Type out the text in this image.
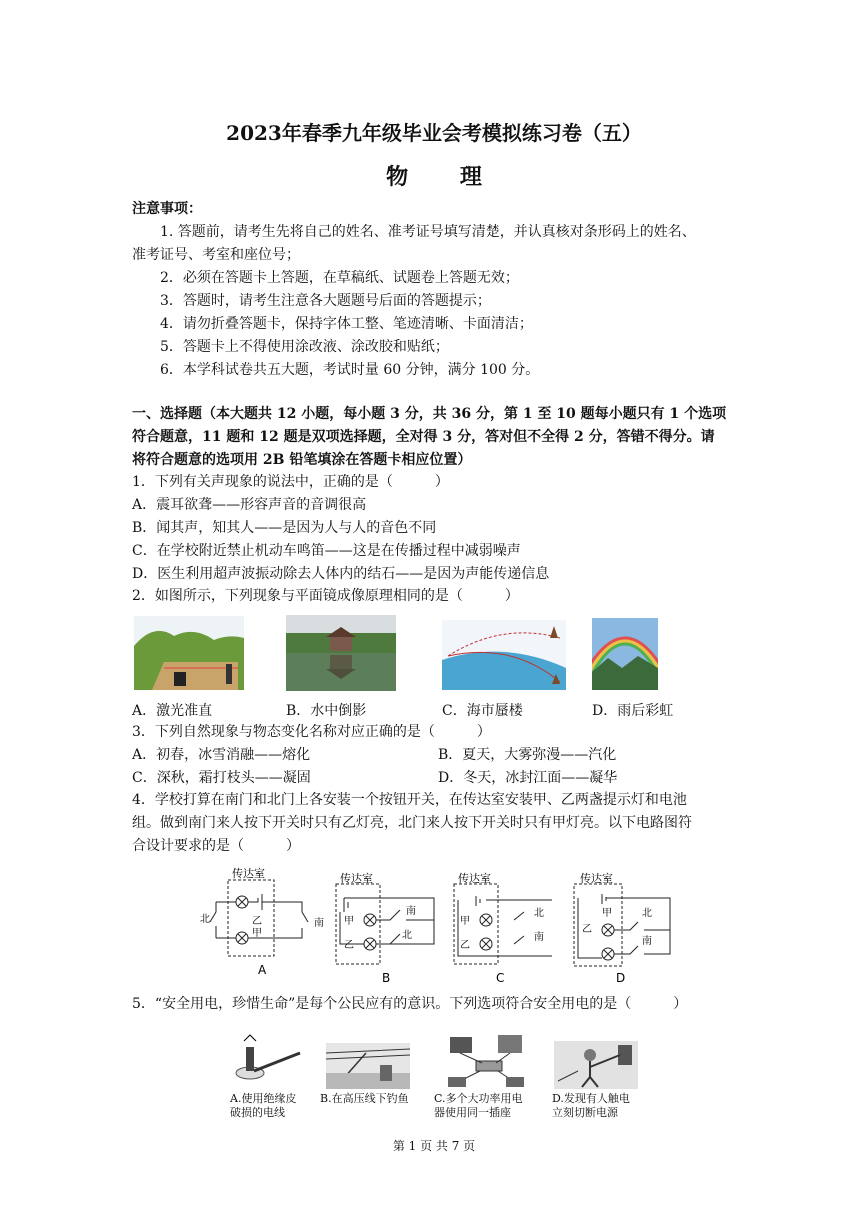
2023年春季九年级毕业会考模拟练习卷（五）
物 理
注意事项：
1. 答题前，请考生先将自己的姓名、准考证号填写清楚，并认真核对条形码上的姓名、
准考证号、考室和座位号；
2．必须在答题卡上答题，在草稿纸、试题卷上答题无效；
3．答题时，请考生注意各大题题号后面的答题提示；
4．请勿折叠答题卡，保持字体工整、笔迹清晰、卡面清洁；
5．答题卡上不得使用涂改液、涂改胶和贴纸；
6．本学科试卷共五大题，考试时量 60 分钟，满分 100 分。
一、选择题（本大题共 12 小题，每小题 3 分，共 36 分，第 1 至 10 题每小题只有 1 个选项
符合题意，11 题和 12 题是双项选择题，全对得 3 分，答对但不全得 2 分，答错不得分。请
将符合题意的选项用 2B 铅笔填涂在答题卡相应位置）
1．下列有关声现象的说法中，正确的是（　　　）
A．震耳欲聋——形容声音的音调很高
B．闻其声，知其人——是因为人与人的音色不同
C．在学校附近禁止机动车鸣笛——这是在传播过程中减弱噪声
D．医生利用超声波振动除去人体内的结石——是因为声能传递信息
2．如图所示，下列现象与平面镜成像原理相同的是（　　　）
A．激光准直	B．水中倒影	C．海市蜃楼	D．雨后彩虹
3．下列自然现象与物态变化名称对应正确的是（　　　）
A．初春，冰雪消融——熔化	B．夏天，大雾弥漫——汽化
C．深秋，霜打枝头——凝固	D．冬天，冰封江面——凝华
4．学校打算在南门和北门上各安装一个按钮开关，在传达室安装甲、乙两盏提示灯和电池
组。做到南门来人按下开关时只有乙灯亮，北门来人按下开关时只有甲灯亮。以下电路图符
合设计要求的是（　　　）
传达室
乙
甲
北	南
A
传达室
甲
乙
南
北
B
传达室
甲
乙
北
南
C
传达室
甲
乙
北
南
D
5．“安全用电，珍惜生命”是每个公民应有的意识。下列选项符合安全用电的是（　　　）
A.使用绝缘皮
破损的电线
B.在高压线下钓鱼 C.多个大功率用电
器使用同一插座
D.发现有人触电
立刻切断电源
第 1 页 共 7 页
